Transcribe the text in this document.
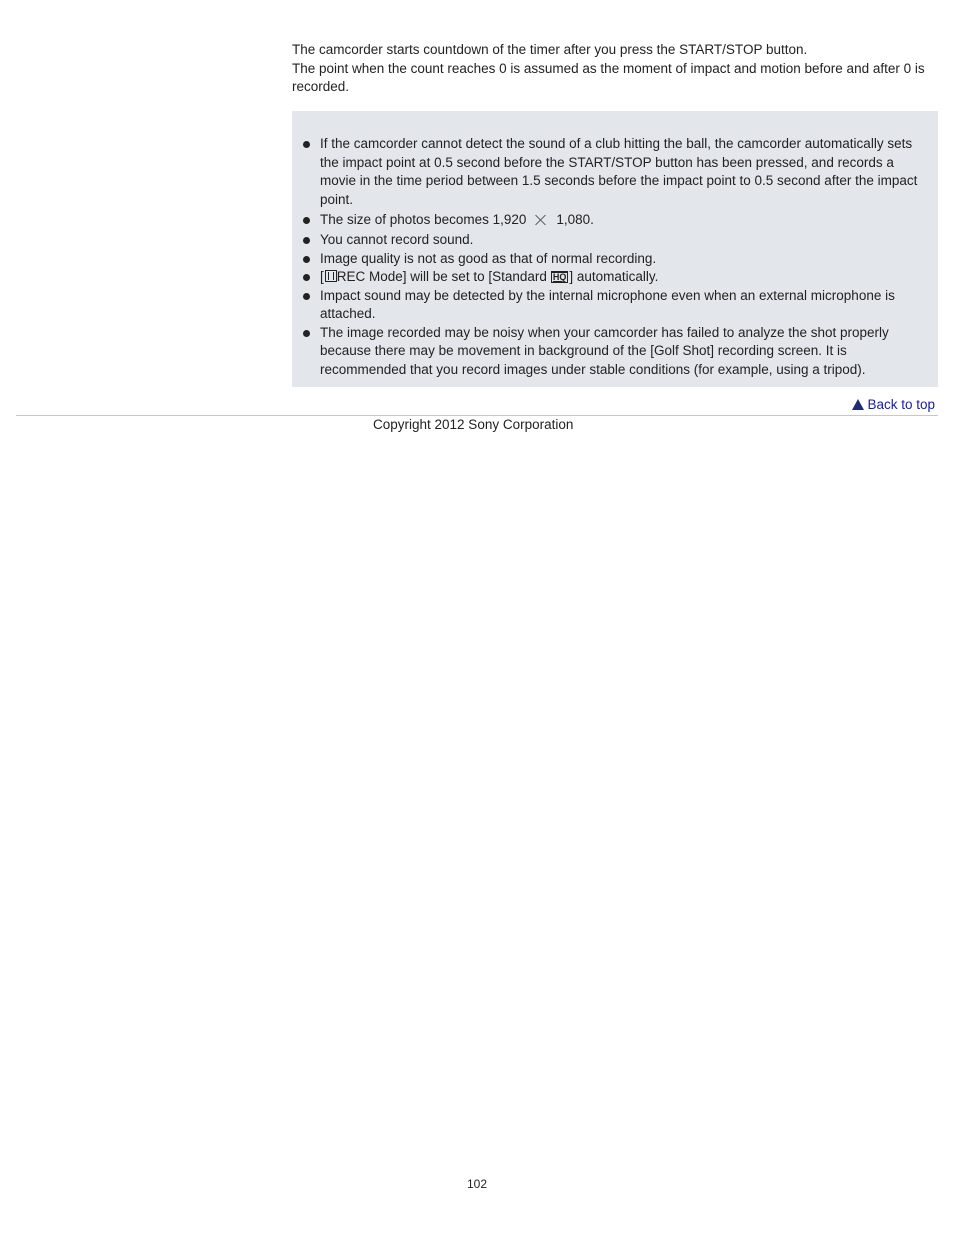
The camcorder starts countdown of the timer after you press the START/STOP button.

The point when the count reaches 0 is assumed as the moment of impact and motion before and after 0 is recorded.

If the camcorder cannot detect the sound of a club hitting the ball, the camcorder automatically sets the impact point at 0.5 second before the START/STOP button has been pressed, and records a movie in the time period between 1.5 seconds before the impact point to 0.5 second after the impact point.
The size of photos becomes 1,920 1,080.
You cannot record sound.
Image quality is not as good as that of normal recording.
[ REC Mode] will be set to [Standard HQ ] automatically.
Impact sound may be detected by the internal microphone even when an external microphone is attached.
The image recorded may be noisy when your camcorder has failed to analyze the shot properly because there may be movement in background of the [Golf Shot] recording screen. It is recommended that you record images under stable conditions (for example, using a tripod).
Back to top
Copyright 2012 Sony Corporation
102
